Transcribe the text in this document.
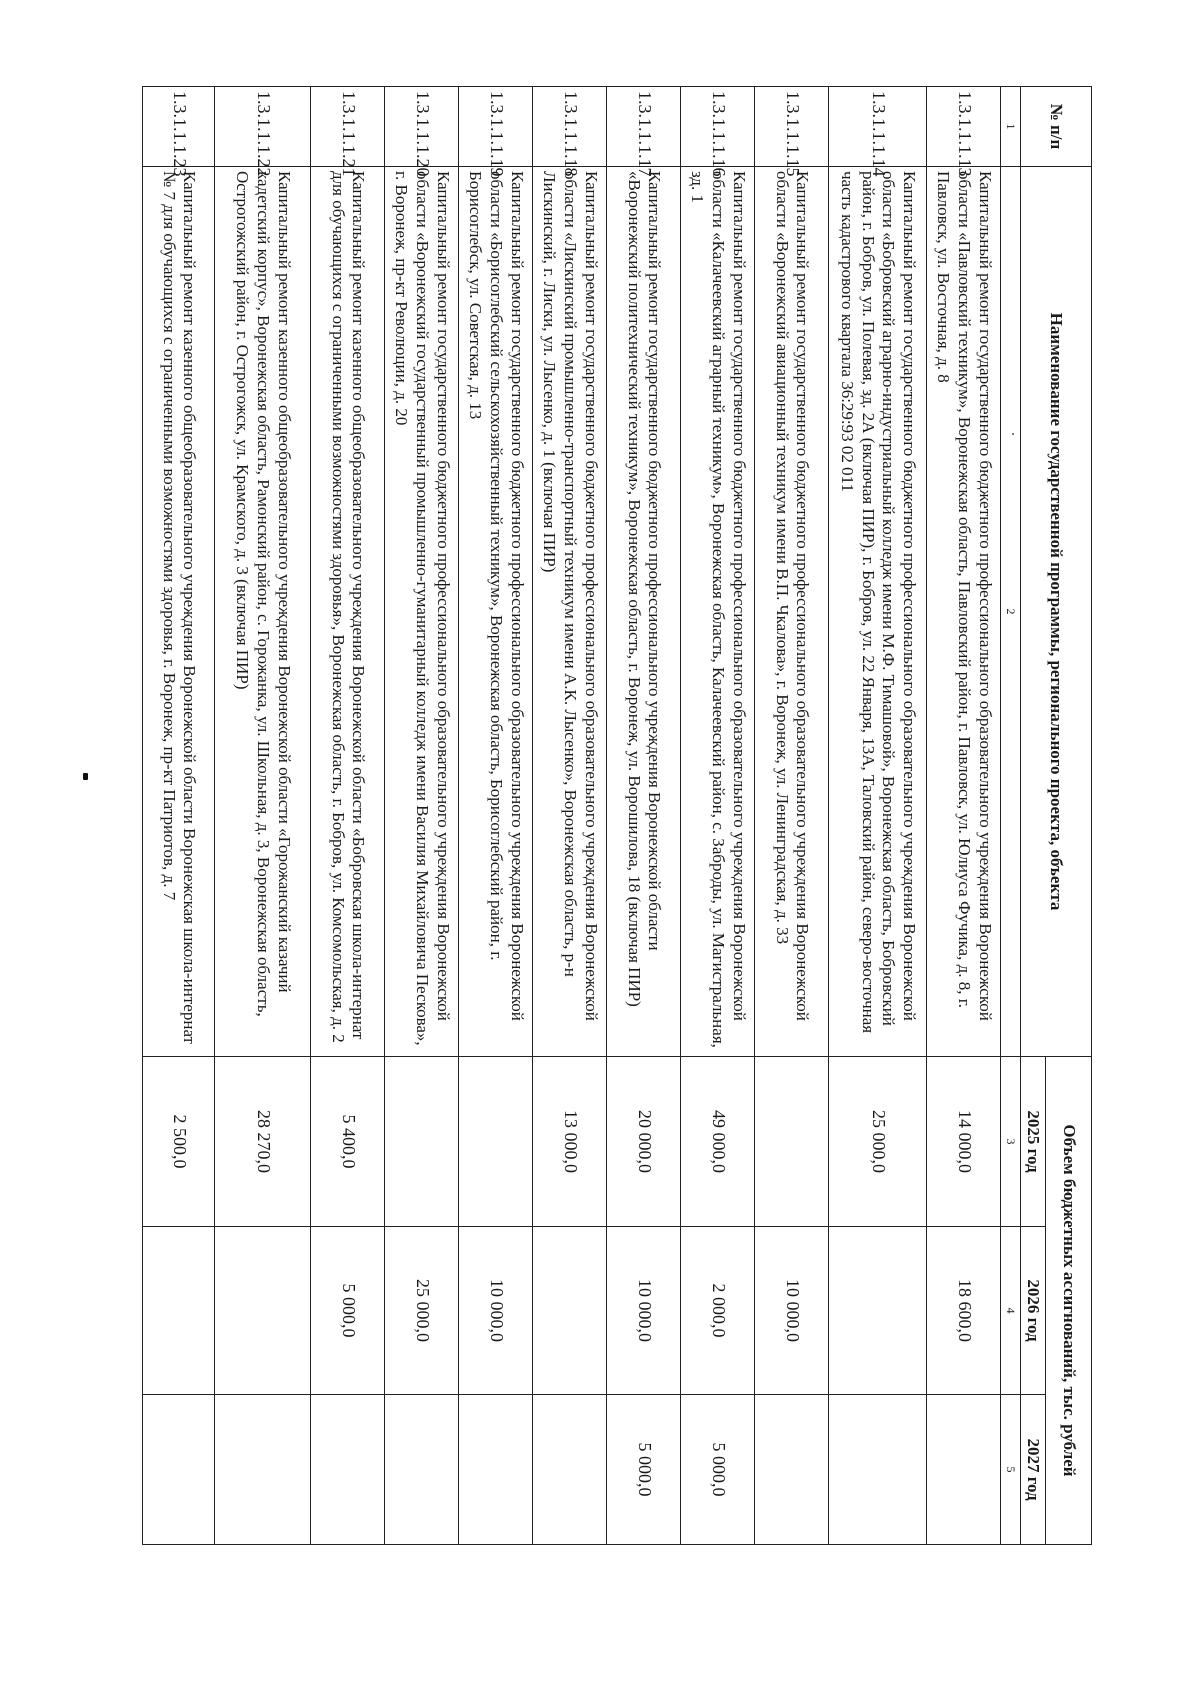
№ п/п	Наименование государственной программы, регионального проекта, объекта	Объем бюджетных ассигнований, тыс. рублей		
		2025 год	2026 год	2027 год
1	2	3	4	5
1.3.1.1.1.13	Капитальный ремонт государственного бюджетного профессионального образовательного учреждения Воронежской области «Павловский техникум», Воронежская область, Павловский район, г. Павловск, ул. Юлиуса Фучика, д. 8, г. Павловск, ул. Восточная, д. 8	14 000,0	18 600,0	
1.3.1.1.1.14	Капитальный ремонт государственного бюджетного профессионального образовательного учреждения Воронежской области «Бобровский аграрно-индустриальный колледж имени М.Ф. Тимашовой», Воронежская область, Бобровский район, г. Бобров, ул. Полевая, зд. 2А (включая ПИР), г. Бобров, ул. 22 Января, 13А, Таловский район, северо-восточная часть кадастрового квартала 36:29:93 02 011	25 000,0		
1.3.1.1.1.15	Капитальный ремонт государственного бюджетного профессионального образовательного учреждения Воронежской области «Воронежский авиационный техникум имени В.П. Чкалова», г. Воронеж, ул. Ленинградская, д. 33		10 000,0	
1.3.1.1.1.16	Капитальный ремонт государственного бюджетного профессионального образовательного учреждения Воронежской области «Калачеевский аграрный техникум», Воронежская область, Калачеевский район, с. Заброды, ул. Магистральная, зд. 1	49 000,0	2 000,0	5 000,0
1.3.1.1.1.17	Капитальный ремонт государственного бюджетного профессионального учреждения Воронежской области «Воронежский политехнический техникум», Воронежская область, г. Воронеж, ул. Ворошилова, 18 (включая ПИР)	20 000,0	10 000,0	5 000,0
1.3.1.1.1.18	Капитальный ремонт государственного бюджетного профессионального образовательного учреждения Воронежской области «Лискинский промышленно-транспортный техникум имени А.К. Лысенко», Воронежская область, р-н Лискинский, г. Лиски, ул. Лысенко, д. 1 (включая ПИР)	13 000,0		
1.3.1.1.1.19	Капитальный ремонт государственного бюджетного профессионального образовательного учреждения Воронежской области «Борисоглебский сельскохозяйственный техникум», Воронежская область, Борисоглебский район, г. Борисоглебск, ул. Советская, д. 13		10 000,0	
1.3.1.1.1.20	Капитальный ремонт государственного бюджетного профессионального образовательного учреждения Воронежской области «Воронежский государственный промышленно-гуманитарный колледж имени Василия Михайловича Пескова», г. Воронеж, пр-кт Революции, д. 20		25 000,0	
1.3.1.1.1.21	Капитальный ремонт казенного общеобразовательного учреждения Воронежской области «Бобровская школа-интернат для обучающихся с ограниченными возможностями здоровья», Воронежская область, г. Бобров, ул. Комсомольская, д. 2	5 400,0	5 000,0	
1.3.1.1.1.22	Капитальный ремонт казенного общеобразовательного учреждения Воронежской области «Горожанский казачий кадетский корпус», Воронежская область, Рамонский район, с. Горожанка, ул. Школьная, д. 3, Воронежская область, Острогожский район, г. Острогожск, ул. Крамского, д. 3 (включая ПИР)	28 270,0		
1.3.1.1.1.23	Капитальный ремонт казенного общеобразовательного учреждения Воронежской области Воронежская школа-интернат № 7 для обучающихся с ограниченными возможностями здоровья, г. Воронеж, пр-кт Патриотов, д. 7	2 500,0		
